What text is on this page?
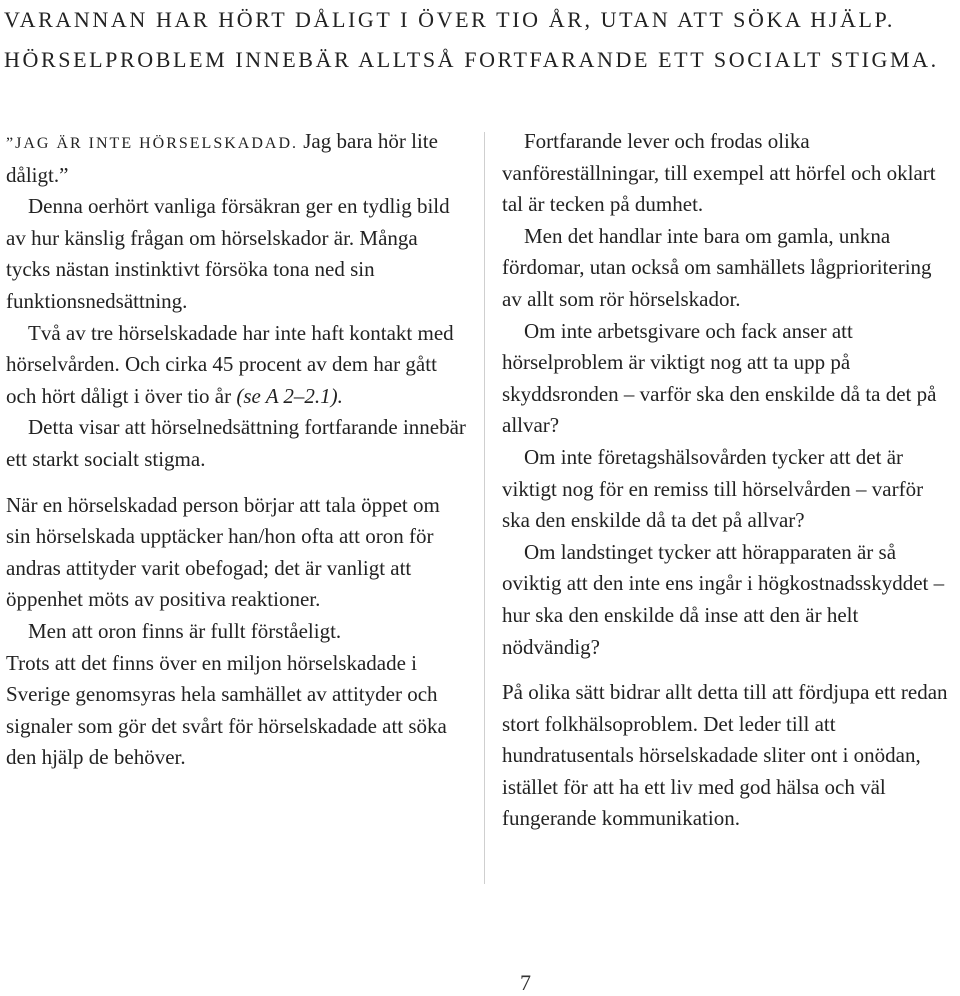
VARANNAN HAR HÖRT DÅLIGT I ÖVER TIO ÅR, UTAN ATT SÖKA HJÄLP.
HÖRSELPROBLEM INNEBÄR ALLTSÅ FORTFARANDE ETT SOCIALT STIGMA.

”JAG ÄR INTE HÖRSELSKADAD. Jag bara hör lite dåligt.”

Denna oerhört vanliga försäkran ger en tydlig bild av hur känslig frågan om hörselskador är. Många tycks nästan instinktivt försöka tona ned sin funktionsnedsättning.

Två av tre hörselskadade har inte haft kontakt med hörselvården. Och cirka 45 procent av dem har gått och hört dåligt i över tio år (se A 2–2.1).

Detta visar att hörselnedsättning fortfarande innebär ett starkt socialt stigma.

När en hörselskadad person börjar att tala öppet om sin hörselskada upptäcker han/hon ofta att oron för andras attityder varit obefogad; det är vanligt att öppenhet möts av positiva reaktioner.

Men att oron finns är fullt förståeligt.

Trots att det finns över en miljon hörselskadade i Sverige genomsyras hela samhället av attityder och signaler som gör det svårt för hörselskadade att söka den hjälp de behöver.

Fortfarande lever och frodas olika vanföreställningar, till exempel att hörfel och oklart tal är tecken på dumhet.

Men det handlar inte bara om gamla, unkna fördomar, utan också om samhällets lågprioritering av allt som rör hörselskador.

Om inte arbetsgivare och fack anser att hörselproblem är viktigt nog att ta upp på skyddsronden – varför ska den enskilde då ta det på allvar?

Om inte företagshälsovården tycker att det är viktigt nog för en remiss till hörselvården – varför ska den enskilde då ta det på allvar?

Om landstinget tycker att hörapparaten är så oviktig att den inte ens ingår i högkostnadsskyddet – hur ska den enskilde då inse att den är helt nödvändig?

På olika sätt bidrar allt detta till att fördjupa ett redan stort folkhälsoproblem. Det leder till att hundratusentals hörselskadade sliter ont i onödan, istället för att ha ett liv med god hälsa och väl fungerande kommunikation.

7
